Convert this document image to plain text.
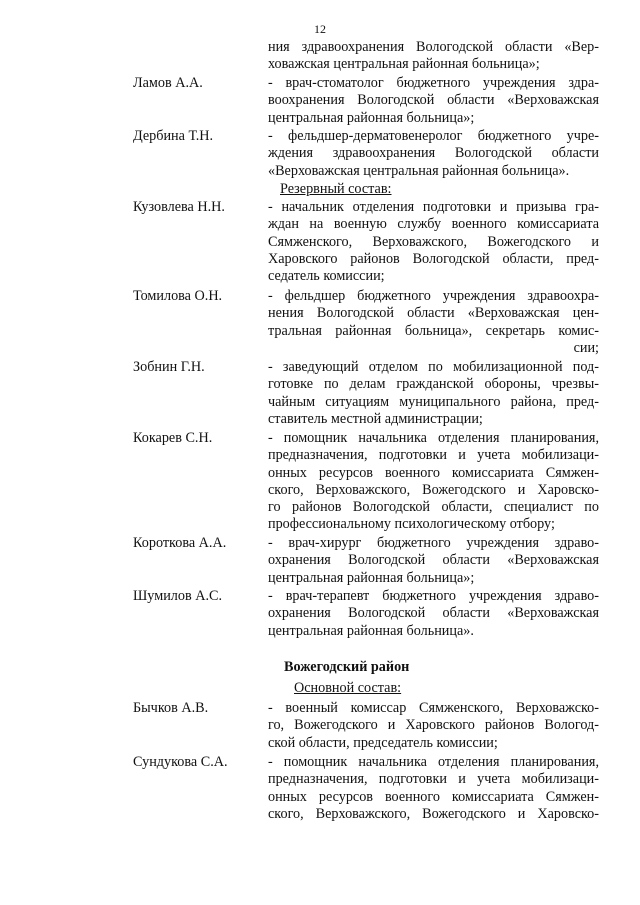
12
ния здравоохранения Вологодской области «Вер-
ховажская центральная районная больница»;
Ламов А.А.	- врач-стоматолог бюджетного учреждения здра-
воохранения Вологодской области «Верховажская
центральная районная больница»;
Дербина Т.Н.	- фельдшер-дерматовенеролог бюджетного учре-
ждения здравоохранения Вологодской области
«Верховажская центральная районная больница».
Резервный состав:
Кузовлева Н.Н.	- начальник отделения подготовки и призыва гра-
ждан на военную службу военного комиссариата
Сямженского, Верховажского, Вожегодского и
Харовского районов Вологодской области, пред-
седатель комиссии;
Томилова О.Н.	- фельдшер бюджетного учреждения здравоохра-
нения Вологодской области «Верховажская цен-
тральная районная больница», секретарь комис-
сии;
Зобнин Г.Н.	- заведующий отделом по мобилизационной под-
готовке по делам гражданской обороны, чрезвы-
чайным ситуациям муниципального района, пред-
ставитель местной администрации;
Кокарев С.Н.	- помощник начальника отделения планирования,
предназначения, подготовки и учета мобилизаци-
онных ресурсов военного комиссариата Сямжен-
ского, Верховажского, Вожегодского и Харовско-
го районов Вологодской области, специалист по
профессиональному психологическому отбору;
Короткова А.А.	- врач-хирург бюджетного учреждения здраво-
охранения Вологодской области «Верховажская
центральная районная больница»;
Шумилов А.С.	- врач-терапевт бюджетного учреждения здраво-
охранения Вологодской области «Верховажская
центральная районная больница».
Вожегодский район
Основной состав:
Бычков А.В.	- военный комиссар Сямженского, Верховажско-
го, Вожегодского и Харовского районов Вологод-
ской области, председатель комиссии;
Сундукова С.А.	- помощник начальника отделения планирования,
предназначения, подготовки и учета мобилизаци-
онных ресурсов военного комиссариата Сямжен-
ского, Верховажского, Вожегодского и Харовско-
